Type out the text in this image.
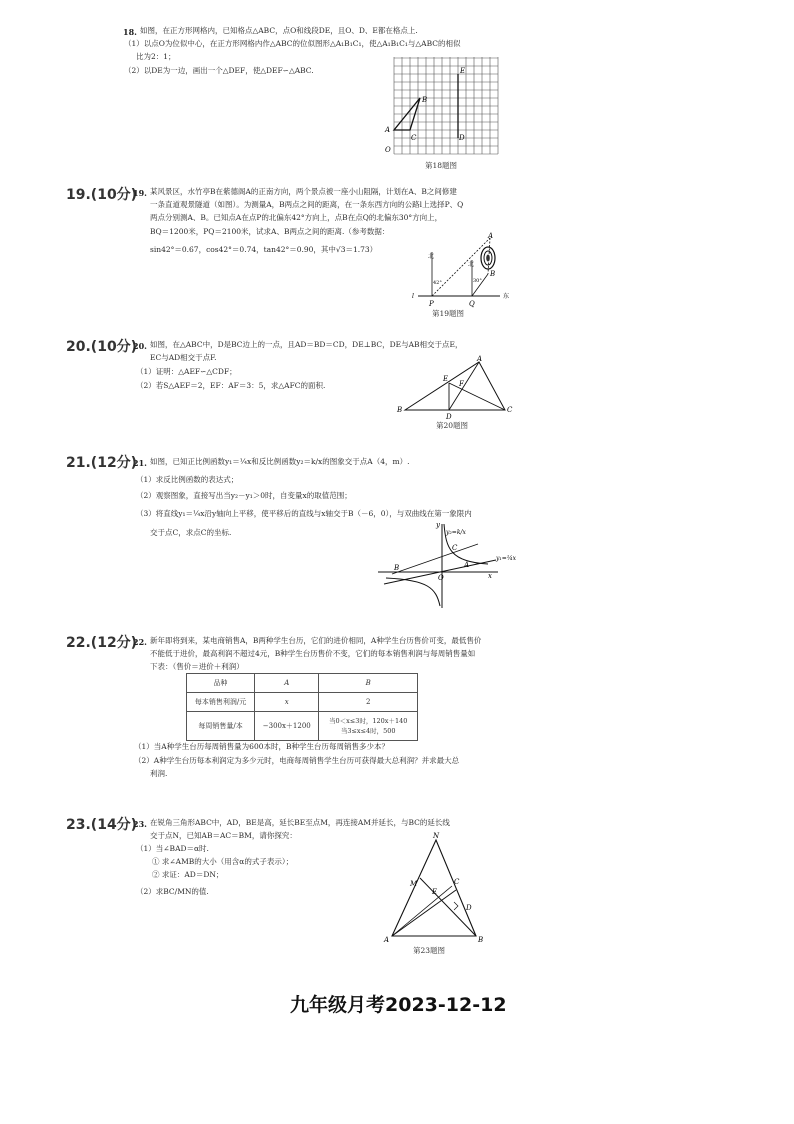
18. 如图，在正方形网格内，已知格点△ABC，点O和线段DE，且O、D、E都在格点上.
（1）以点O为位似中心，在正方形网格内作△ABC的位似图形△A₁B₁C₁，使△A₁B₁C₁与△ABC的相似
比为2：1；
（2）以DE为一边，画出一个△DEF，使△DEF∽△ABC.
A
B
C
O
D
E
第18题图
19.(10分)
19. 某风景区，水竹亭B在紫德阁A的正南方向，两个景点被一座小山阻隔，计划在A、B之间修建
一条直道观景隧道（如图）。为测量A，B两点之间的距离，在一条东西方向的公路l上选择P、Q
两点分别测A、B。已知点A在点P的北偏东42°方向上，点B在点Q的北偏东30°方向上，
BQ＝1200米，PQ＝2100米，试求A、B两点之间的距离.（参考数据：
sin42°＝0.67，cos42°＝0.74，tan42°＝0.90，其中√3＝1.73）
北
北
东
l
P	Q
A
B
42°	30°
第19题图
20.(10分)
20. 如图，在△ABC中，D是BC边上的一点，且AD＝BD＝CD，DE⊥BC，DE与AB相交于点E，
EC与AD相交于点F.
（1）证明：△AEF∽△CDF；
（2）若S△AEF＝2，EF：AF＝3：5，求△AFC的面积.
B
A
C
D
E
F
第20题图
21.(12分)
21. 如图，已知正比例函数y₁＝¼x和反比例函数y₂＝k/x的图象交于点A（4，m）.
（1）求反比例函数的表达式；
（2）观察图象，直接写出当y₂－y₁＞0时，自变量x的取值范围；
（3）将直线y₁＝¼x沿y轴向上平移，使平移后的直线与x轴交于B（－6，0），与双曲线在第一象限内
交于点C，求点C的坐标.
y
x
O
A
B
C
y₂=k/x
y₁=¼x
22.(12分)
22. 新年即将到来，某电商销售A，B两种学生台历，它们的进价相同，A种学生台历售价可变，最低售价
不能低于进价，最高利润不超过4元，B种学生台历售价不变，它们的每本销售利润与每周销售量如
下表：（售价＝进价＋利润）
品种	A	B
每本销售利润/元	x	2
每周销售量/本	−300x＋1200	当0＜x≤3时，120x＋140
当3≤x≤4时，500
（1）当A种学生台历每周销售量为600本时，B种学生台历每周销售多少本？
（2）A种学生台历每本利润定为多少元时，电商每周销售学生台历可获得最大总利润？并求最大总
利润.
23.(14分)
23. 在锐角三角形ABC中，AD，BE是高，延长BE至点M，再连接AM并延长，与BC的延长线
交于点N，已知AB＝AC＝BM，请你探究：
（1）当∠BAD＝α时.
① 求∠AMB的大小（用含α的式子表示）；
② 求证：AD＝DN；
（2）求BC/MN的值.
A	B
C
D
E
M
N
第23题图
九年级月考2023-12-12
